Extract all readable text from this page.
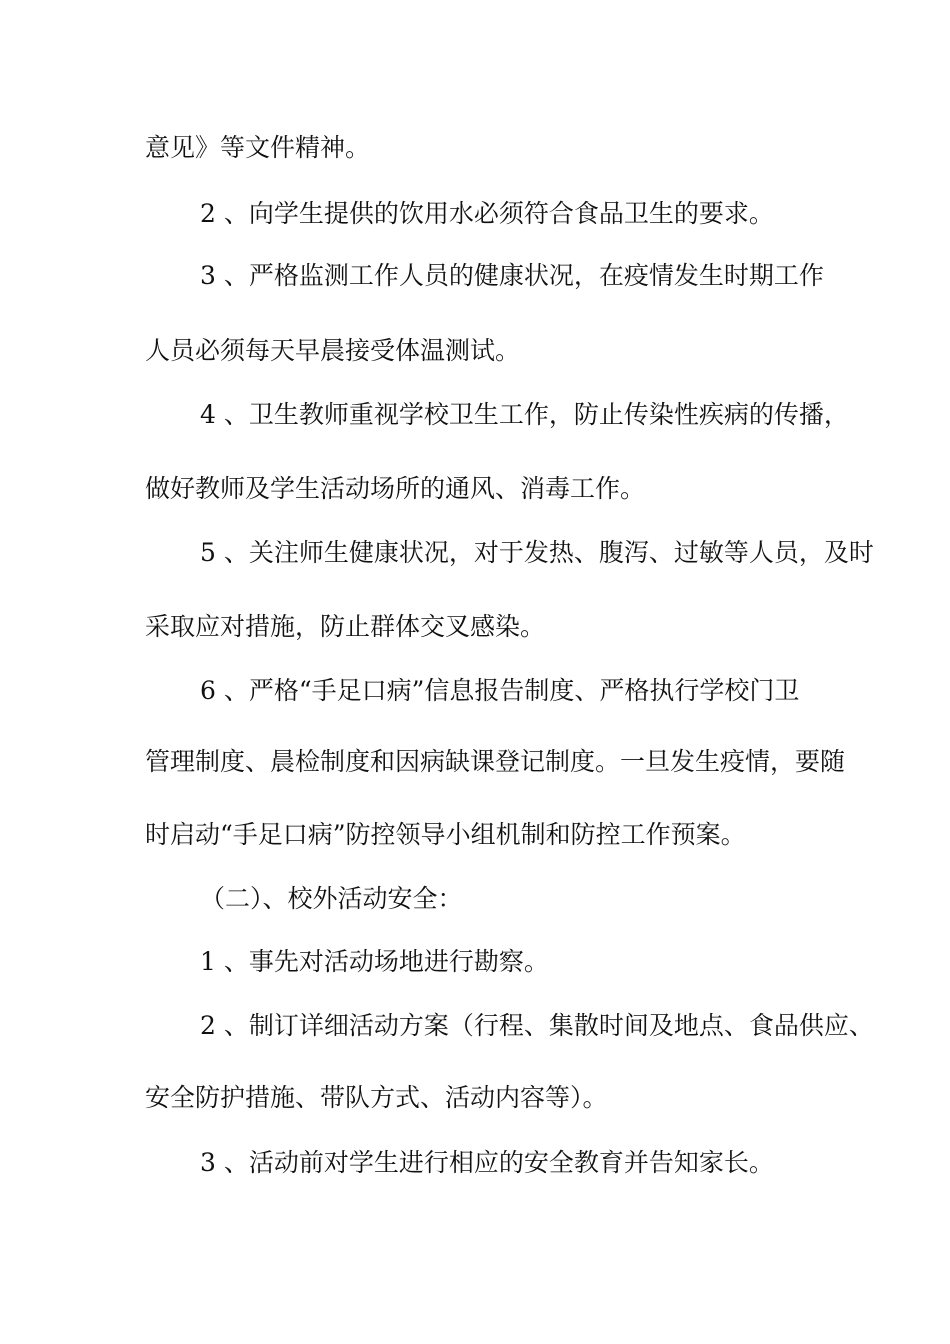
意见》等文件精神。
2 、向学生提供的饮用水必须符合食品卫生的要求。
3 、严格监测工作人员的健康状况，在疫情发生时期工作
人员必须每天早晨接受体温测试。
4 、卫生教师重视学校卫生工作，防止传染性疾病的传播，
做好教师及学生活动场所的通风、消毒工作。
5 、关注师生健康状况，对于发热、腹泻、过敏等人员，及时
采取应对措施，防止群体交叉感染。
6 、严格“手足口病”信息报告制度、严格执行学校门卫
管理制度、晨检制度和因病缺课登记制度。一旦发生疫情，要随
时启动“手足口病”防控领导小组机制和防控工作预案。
（二）、校外活动安全：
1 、事先对活动场地进行勘察。
2 、制订详细活动方案（行程、集散时间及地点、食品供应、
安全防护措施、带队方式、活动内容等）。
3 、活动前对学生进行相应的安全教育并告知家长。
